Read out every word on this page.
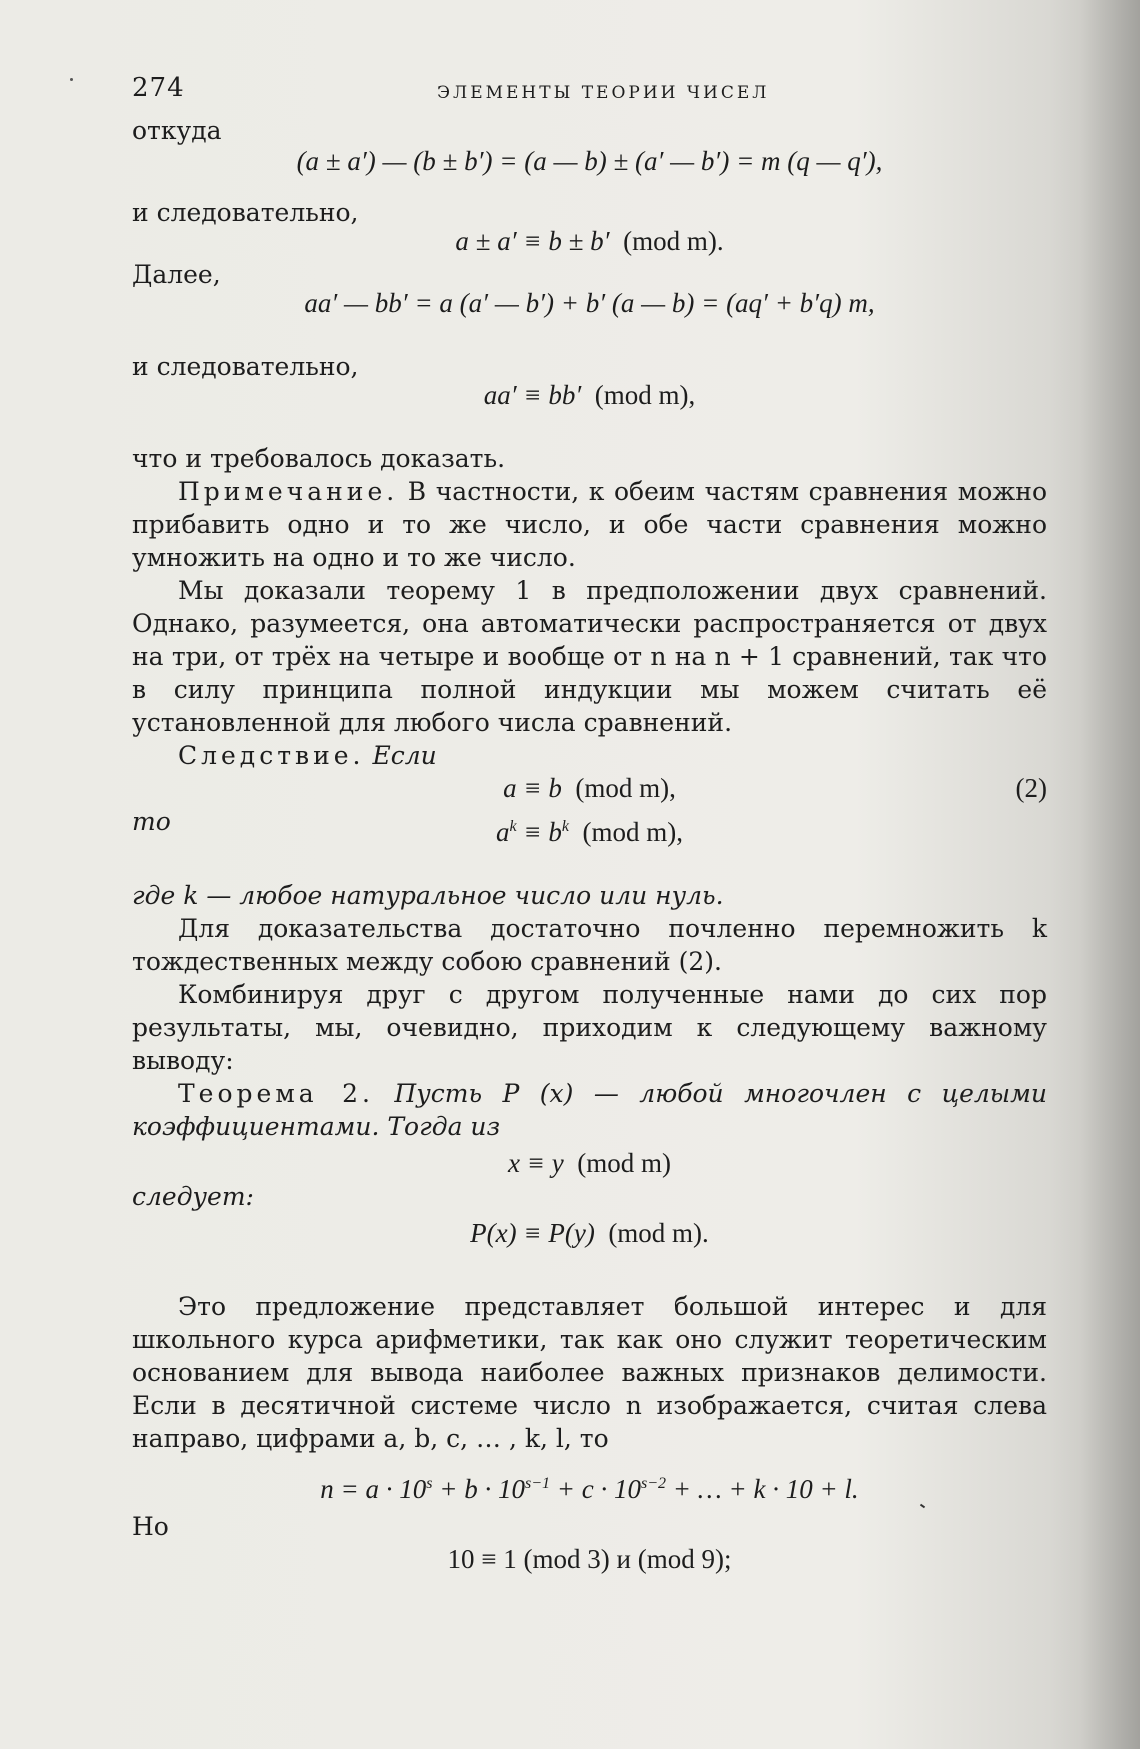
274	ЭЛЕМЕНТЫ ТЕОРИИ ЧИСЕЛ

откуда

(a ± a′) — (b ± b′) = (a — b) ± (a′ — b′) = m (q — q′),

и следовательно,

a ± a′ ≡ b ± b′ (mod m).

Далее,

aa′ — bb′ = a (a′ — b′) + b′ (a — b) = (aq′ + b′q) m,

и следовательно,

aa′ ≡ bb′ (mod m),

что и требовалось доказать.

Примечание. В частности, к обеим частям сравнения можно прибавить одно и то же число, и обе части сравнения можно умножить на одно и то же число.

Мы доказали теорему 1 в предположении двух сравнений. Однако, разумеется, она автоматически распространяется от двух на три, от трёх на четыре и вообще от n на n + 1 сравнений, так что в силу принципа полной индукции мы можем считать её установленной для любого числа сравнений.

Следствие. Если

a ≡ b (mod m),	(2)

то	$a^k \equiv b^k$ (mod m),

где k — любое натуральное число или нуль.

Для доказательства достаточно почленно перемножить k тождественных между собою сравнений (2).

Комбинируя друг с другом полученные нами до сих пор результаты, мы, очевидно, приходим к следующему важному выводу:

Теорема 2. Пусть P (x) — любой многочлен с целыми коэффициентами. Тогда из

x ≡ y (mod m)

следует:

P(x) ≡ P(y) (mod m).

Это предложение представляет большой интерес и для школьного курса арифметики, так как оно служит теоретическим основанием для вывода наиболее важных признаков делимости. Если в десятичной системе число n изображается, считая слева направо, цифрами a, b, c, … , k, l, то

$n = a \cdot 10^s + b \cdot 10^{s-1} + c \cdot 10^{s-2}$ + … + k · 10 + l.

Но

10 ≡ 1 (mod 3) и (mod 9);
